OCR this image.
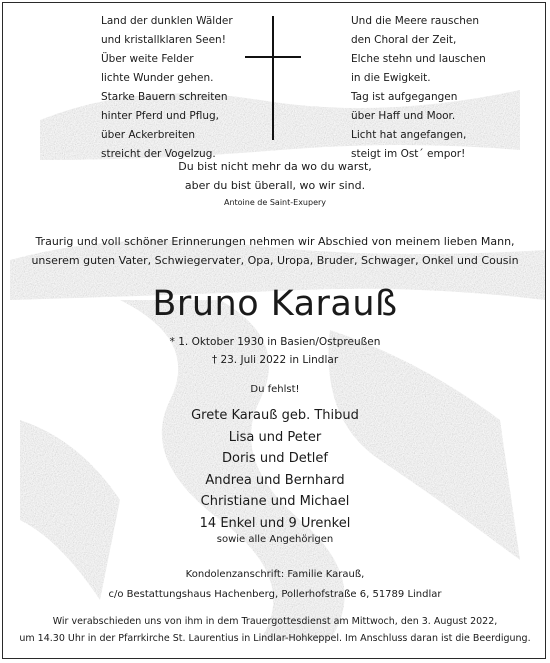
Land der dunklen Wälder
und kristallklaren Seen!
Über weite Felder
lichte Wunder gehen.
Starke Bauern schreiten
hinter Pferd und Pflug,
über Ackerbreiten
streicht der Vogelzug.
Und die Meere rauschen
den Choral der Zeit,
Elche stehn und lauschen
in die Ewigkeit.
Tag ist aufgegangen
über Haff und Moor.
Licht hat angefangen,
steigt im Ost´ empor!
Du bist nicht mehr da wo du warst,
aber du bist überall, wo wir sind.
Antoine de Saint-Exupery
Traurig und voll schöner Erinnerungen nehmen wir Abschied von meinem lieben Mann,
unserem guten Vater, Schwiegervater, Opa, Uropa, Bruder, Schwager, Onkel und Cousin
Bruno Karauß
* 1. Oktober 1930 in Basien/Ostpreußen
† 23. Juli 2022 in Lindlar
Du fehlst!
Grete Karauß geb. Thibud
Lisa und Peter
Doris und Detlef
Andrea und Bernhard
Christiane und Michael
14 Enkel und 9 Urenkel
sowie alle Angehörigen
Kondolenzanschrift: Familie Karauß,
c/o Bestattungshaus Hachenberg, Pollerhofstraße 6, 51789 Lindlar
Wir verabschieden uns von ihm in dem Trauergottesdienst am Mittwoch, den 3. August 2022,
um 14.30 Uhr in der Pfarrkirche St. Laurentius in Lindlar-Hohkeppel. Im Anschluss daran ist die Beerdigung.
